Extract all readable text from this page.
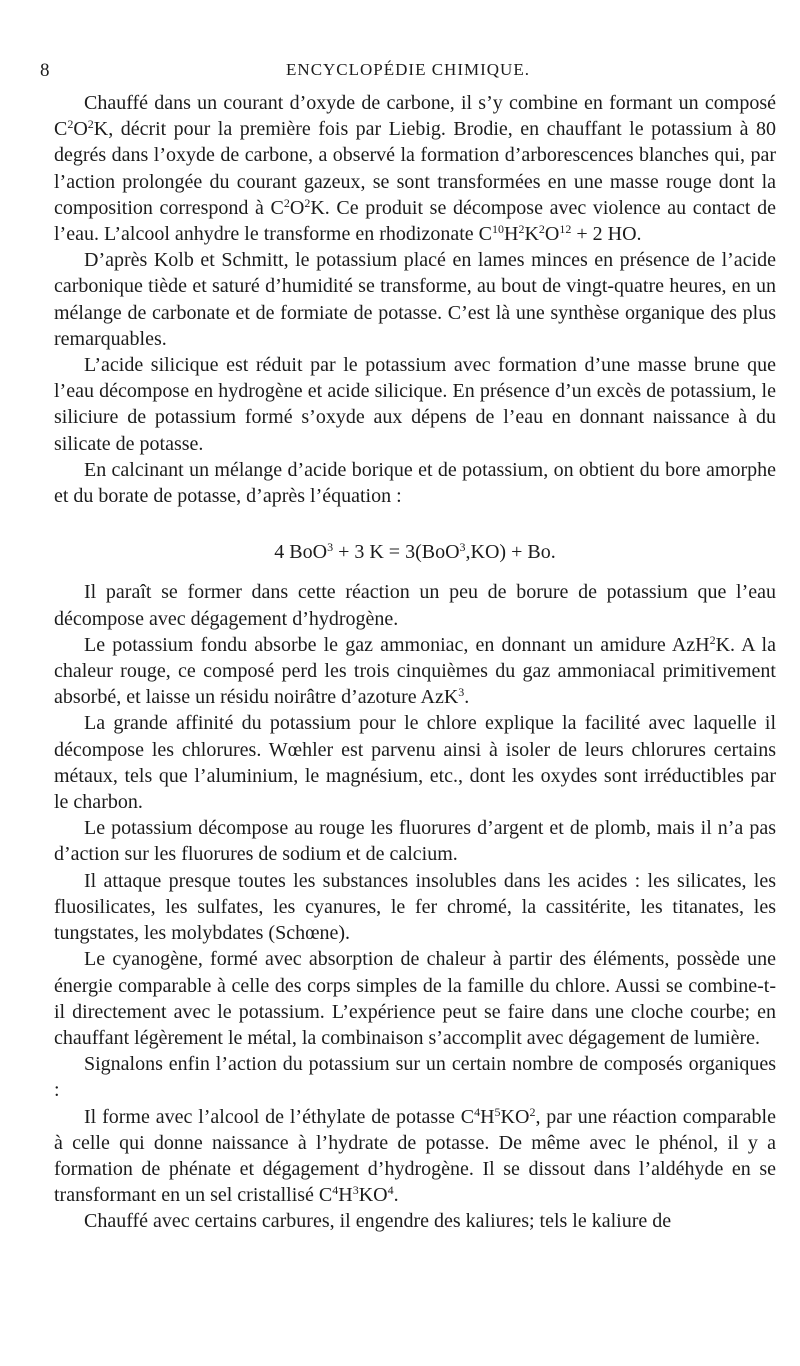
8	ENCYCLOPÉDIE CHIMIQUE.

Chauffé dans un courant d’oxyde de carbone, il s’y combine en formant un composé $C^2O^2K$, décrit pour la première fois par Liebig. Brodie, en chauffant le potassium à 80 degrés dans l’oxyde de carbone, a observé la formation d’arborescences blanches qui, par l’action prolongée du courant gazeux, se sont transformées en une masse rouge dont la composition correspond à $C^2O^2K$. Ce produit se décompose avec violence au contact de l’eau. L’alcool anhydre le transforme en rhodizonate $C^{10}H^2K^2O^{12} + 2$ HO.

D’après Kolb et Schmitt, le potassium placé en lames minces en présence de l’acide carbonique tiède et saturé d’humidité se transforme, au bout de vingt-quatre heures, en un mélange de carbonate et de formiate de potasse. C’est là une synthèse organique des plus remarquables.

L’acide silicique est réduit par le potassium avec formation d’une masse brune que l’eau décompose en hydrogène et acide silicique. En présence d’un excès de potassium, le siliciure de potassium formé s’oxyde aux dépens de l’eau en donnant naissance à du silicate de potasse.

En calcinant un mélange d’acide borique et de potassium, on obtient du bore amorphe et du borate de potasse, d’après l’équation :

4 BoO$^3$ + 3 K = 3(BoO$^3$,KO) + Bo.

Il paraît se former dans cette réaction un peu de borure de potassium que l’eau décompose avec dégagement d’hydrogène.

Le potassium fondu absorbe le gaz ammoniac, en donnant un amidure AzH$^2$K. A la chaleur rouge, ce composé perd les trois cinquièmes du gaz ammoniacal primitivement absorbé, et laisse un résidu noirâtre d’azoture AzK$^3$.

La grande affinité du potassium pour le chlore explique la facilité avec laquelle il décompose les chlorures. Wœhler est parvenu ainsi à isoler de leurs chlorures certains métaux, tels que l’aluminium, le magnésium, etc., dont les oxydes sont irréductibles par le charbon.

Le potassium décompose au rouge les fluorures d’argent et de plomb, mais il n’a pas d’action sur les fluorures de sodium et de calcium.

Il attaque presque toutes les substances insolubles dans les acides : les silicates, les fluosilicates, les sulfates, les cyanures, le fer chromé, la cassitérite, les titanates, les tungstates, les molybdates (Schœne).

Le cyanogène, formé avec absorption de chaleur à partir des éléments, possède une énergie comparable à celle des corps simples de la famille du chlore. Aussi se combine-t-il directement avec le potassium. L’expérience peut se faire dans une cloche courbe; en chauffant légèrement le métal, la combinaison s’accomplit avec dégagement de lumière.

Signalons enfin l’action du potassium sur un certain nombre de composés organiques :

Il forme avec l’alcool de l’éthylate de potasse $C^4H^5KO^2$, par une réaction comparable à celle qui donne naissance à l’hydrate de potasse. De même avec le phénol, il y a formation de phénate et dégagement d’hydrogène. Il se dissout dans l’aldéhyde en se transformant en un sel cristallisé $C^4H^3KO^4$.

Chauffé avec certains carbures, il engendre des kaliures; tels le kaliure de
